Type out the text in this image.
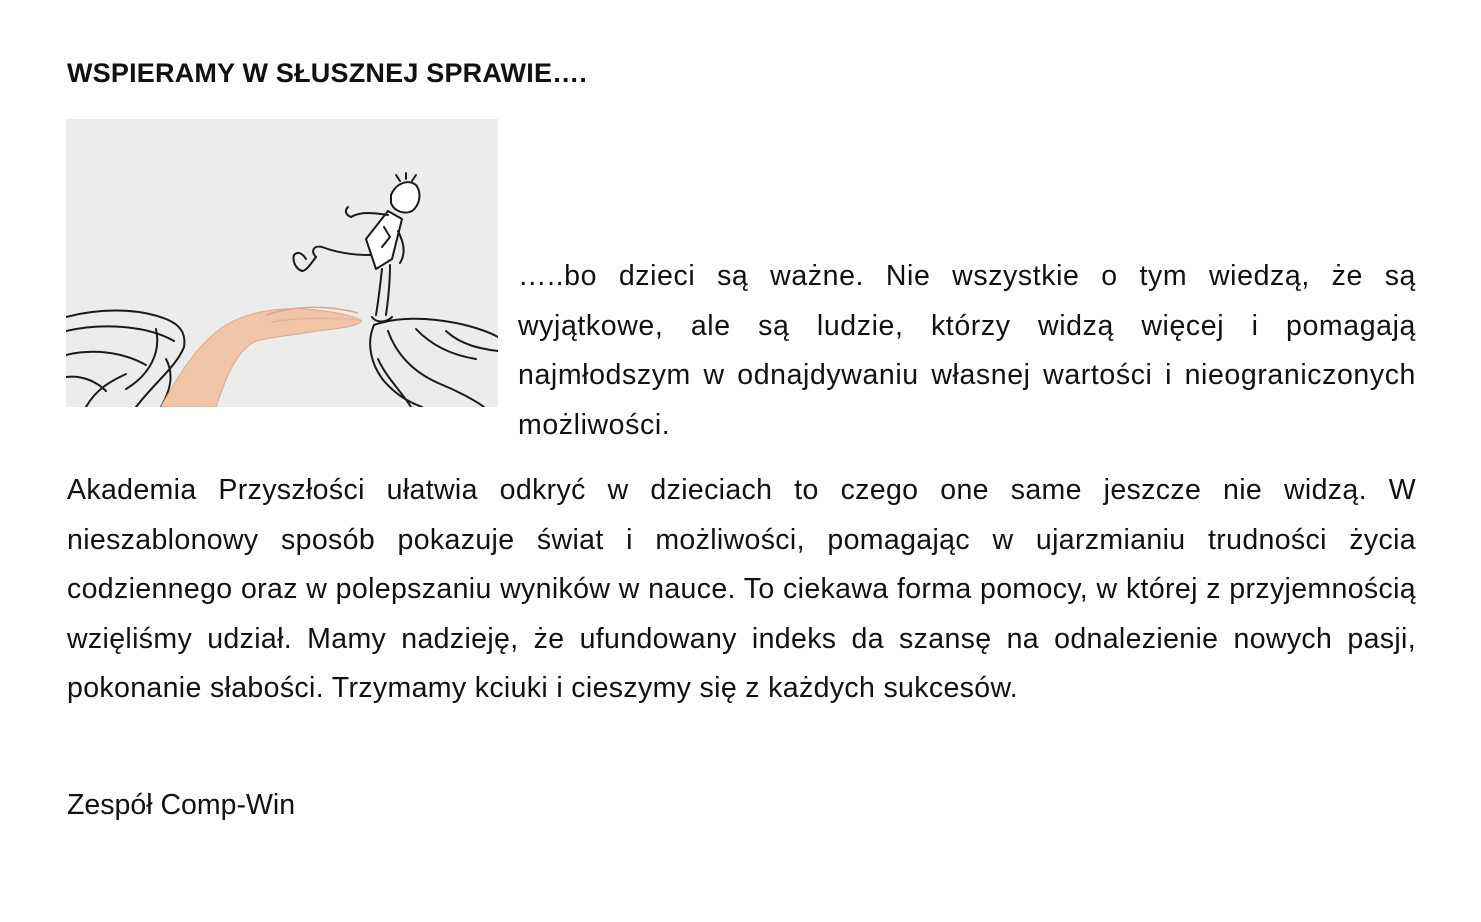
WSPIERAMY W SŁUSZNEJ SPRAWIE….
…..bo dzieci są ważne. Nie wszystkie o tym wiedzą, że są wyjątkowe, ale są ludzie, którzy widzą więcej i pomagają najmłodszym w odnajdywaniu własnej wartości i nieograniczonych możliwości.
Akademia Przyszłości ułatwia odkryć w dzieciach to czego one same jeszcze nie widzą. W nieszablonowy sposób pokazuje świat i możliwości, pomagając w ujarzmianiu trudności życia codziennego oraz w polepszaniu wyników w nauce. To ciekawa forma pomocy, w której z przyjemnością wzięliśmy udział. Mamy nadzieję, że ufundowany indeks da szansę na odnalezienie nowych pasji, pokonanie słabości. Trzymamy kciuki i cieszymy się z każdych sukcesów.
Zespół Comp-Win
